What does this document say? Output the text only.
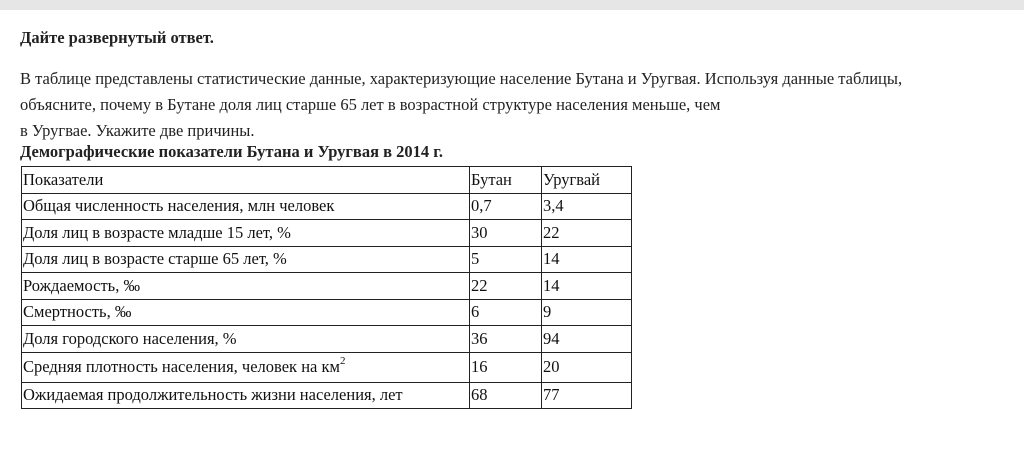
Дайте развернутый ответ.
В таблице представлены статистические данные, характеризующие население Бутана и Уругвая. Используя данные таблицы,
объясните, почему в Бутане доля лиц старше 65 лет в возрастной структуре населения меньше, чем
в Уругвае. Укажите две причины.
Демографические показатели Бутана и Уругвая в 2014 г.
Показатели	Бутан	Уругвай
Общая численность населения, млн человек	0,7	3,4
Доля лиц в возрасте младше 15 лет, %	30	22
Доля лиц в возрасте старше 65 лет, %	5	14
Рождаемость, ‰	22	14
Смертность, ‰	6	9
Доля городского населения, %	36	94
Средняя плотность населения, человек на $км^2$	16	20
Ожидаемая продолжительность жизни населения, лет	68	77
